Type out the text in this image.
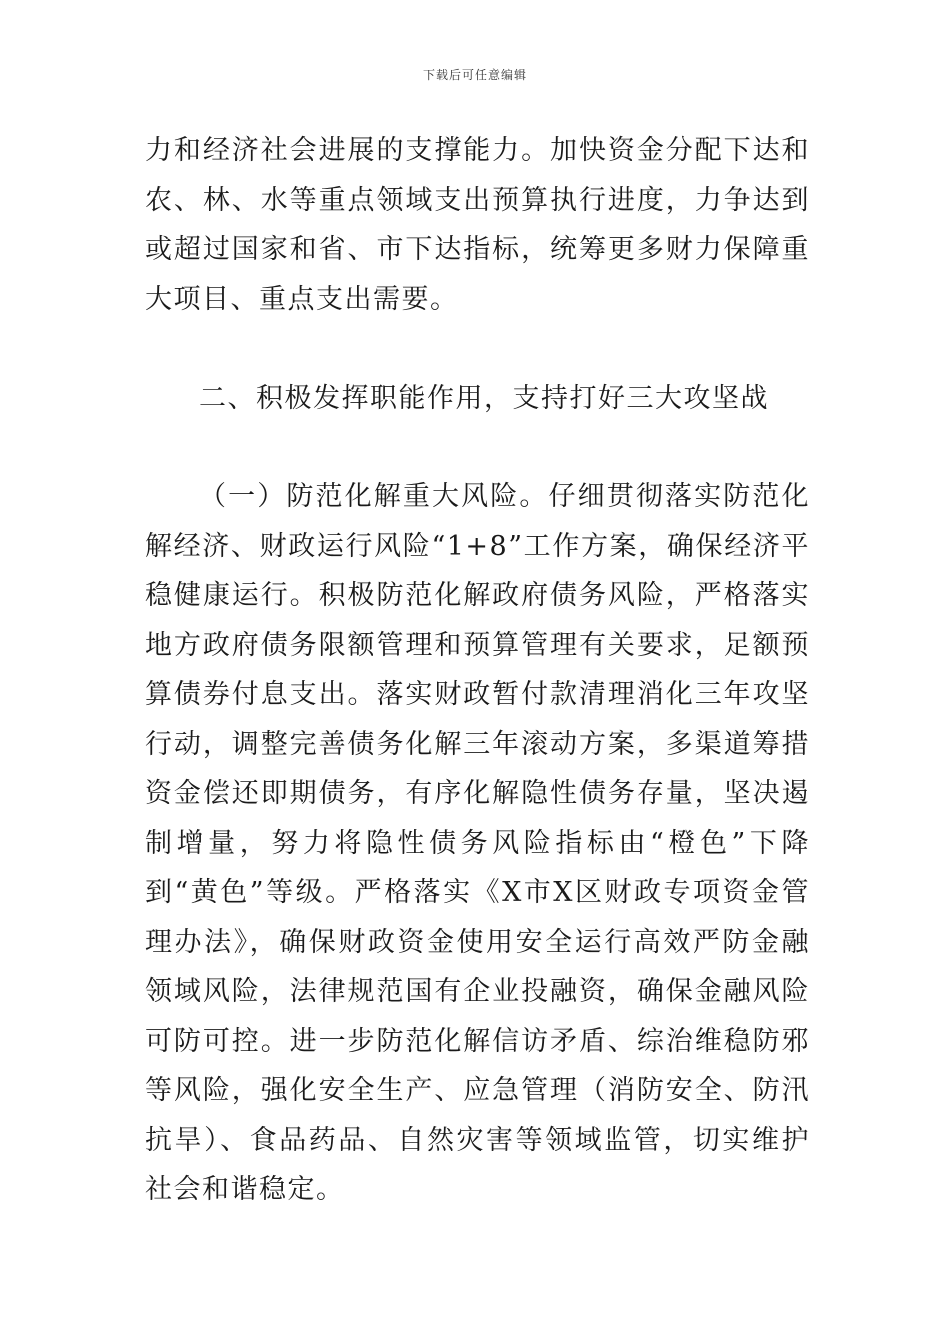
下载后可任意编辑

力和经济社会进展的支撑能力。加快资金分配下达和农、林、水等重点领域支出预算执行进度，力争达到或超过国家和省、市下达指标，统筹更多财力保障重大项目、重点支出需要。

二、积极发挥职能作用，支持打好三大攻坚战

（一）防范化解重大风险。仔细贯彻落实防范化解经济、财政运行风险“1+8”工作方案，确保经济平稳健康运行。积极防范化解政府债务风险，严格落实地方政府债务限额管理和预算管理有关要求，足额预算债券付息支出。落实财政暂付款清理消化三年攻坚行动，调整完善债务化解三年滚动方案，多渠道筹措资金偿还即期债务，有序化解隐性债务存量，坚决遏制增量，努力将隐性债务风险指标由“橙色”下降到“黄色”等级。严格落实《X市X区财政专项资金管理办法》，确保财政资金使用安全运行高效严防金融领域风险，法律规范国有企业投融资，确保金融风险可防可控。进一步防范化解信访矛盾、综治维稳防邪等风险，强化安全生产、应急管理（消防安全、防汛抗旱）、食品药品、自然灾害等领域监管，切实维护社会和谐稳定。
